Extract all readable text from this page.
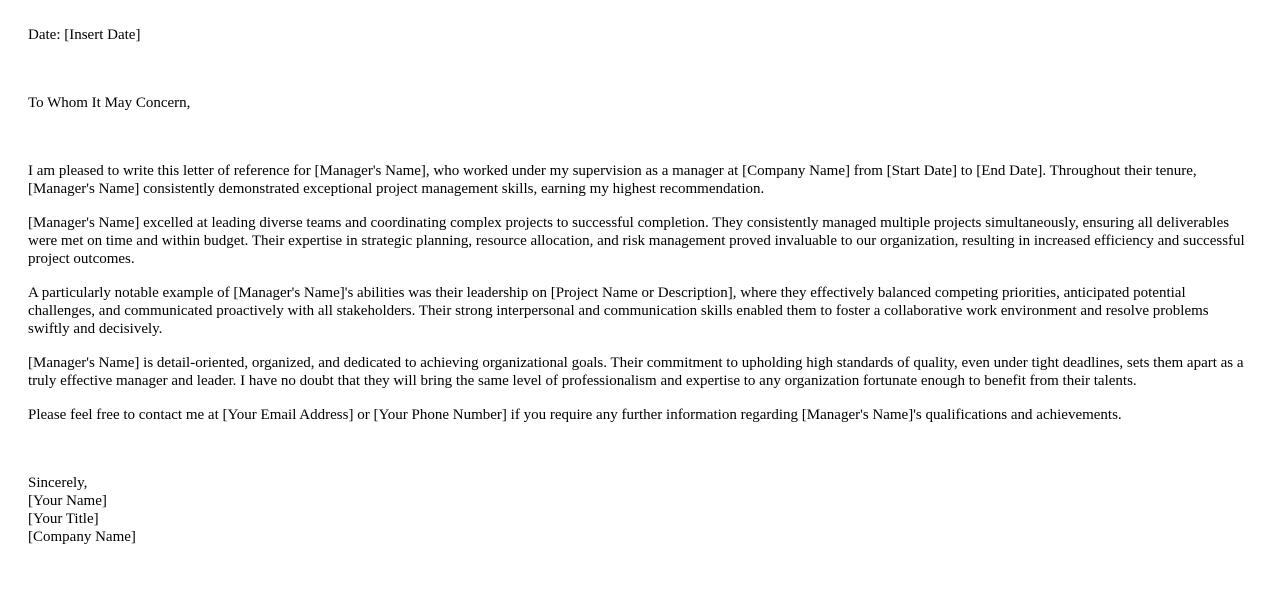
Date: [Insert Date]

To Whom It May Concern,

I am pleased to write this letter of reference for [Manager's Name], who worked under my supervision as a manager at [Company Name] from [Start Date] to [End Date]. Throughout their tenure, [Manager's Name] consistently demonstrated exceptional project management skills, earning my highest recommendation.

[Manager's Name] excelled at leading diverse teams and coordinating complex projects to successful completion. They consistently managed multiple projects simultaneously, ensuring all deliverables were met on time and within budget. Their expertise in strategic planning, resource allocation, and risk management proved invaluable to our organization, resulting in increased efficiency and successful project outcomes.

A particularly notable example of [Manager's Name]'s abilities was their leadership on [Project Name or Description], where they effectively balanced competing priorities, anticipated potential challenges, and communicated proactively with all stakeholders. Their strong interpersonal and communication skills enabled them to foster a collaborative work environment and resolve problems swiftly and decisively.

[Manager's Name] is detail-oriented, organized, and dedicated to achieving organizational goals. Their commitment to upholding high standards of quality, even under tight deadlines, sets them apart as a truly effective manager and leader. I have no doubt that they will bring the same level of professionalism and expertise to any organization fortunate enough to benefit from their talents.

Please feel free to contact me at [Your Email Address] or [Your Phone Number] if you require any further information regarding [Manager's Name]'s qualifications and achievements.

Sincerely,
[Your Name]
[Your Title]
[Company Name]
